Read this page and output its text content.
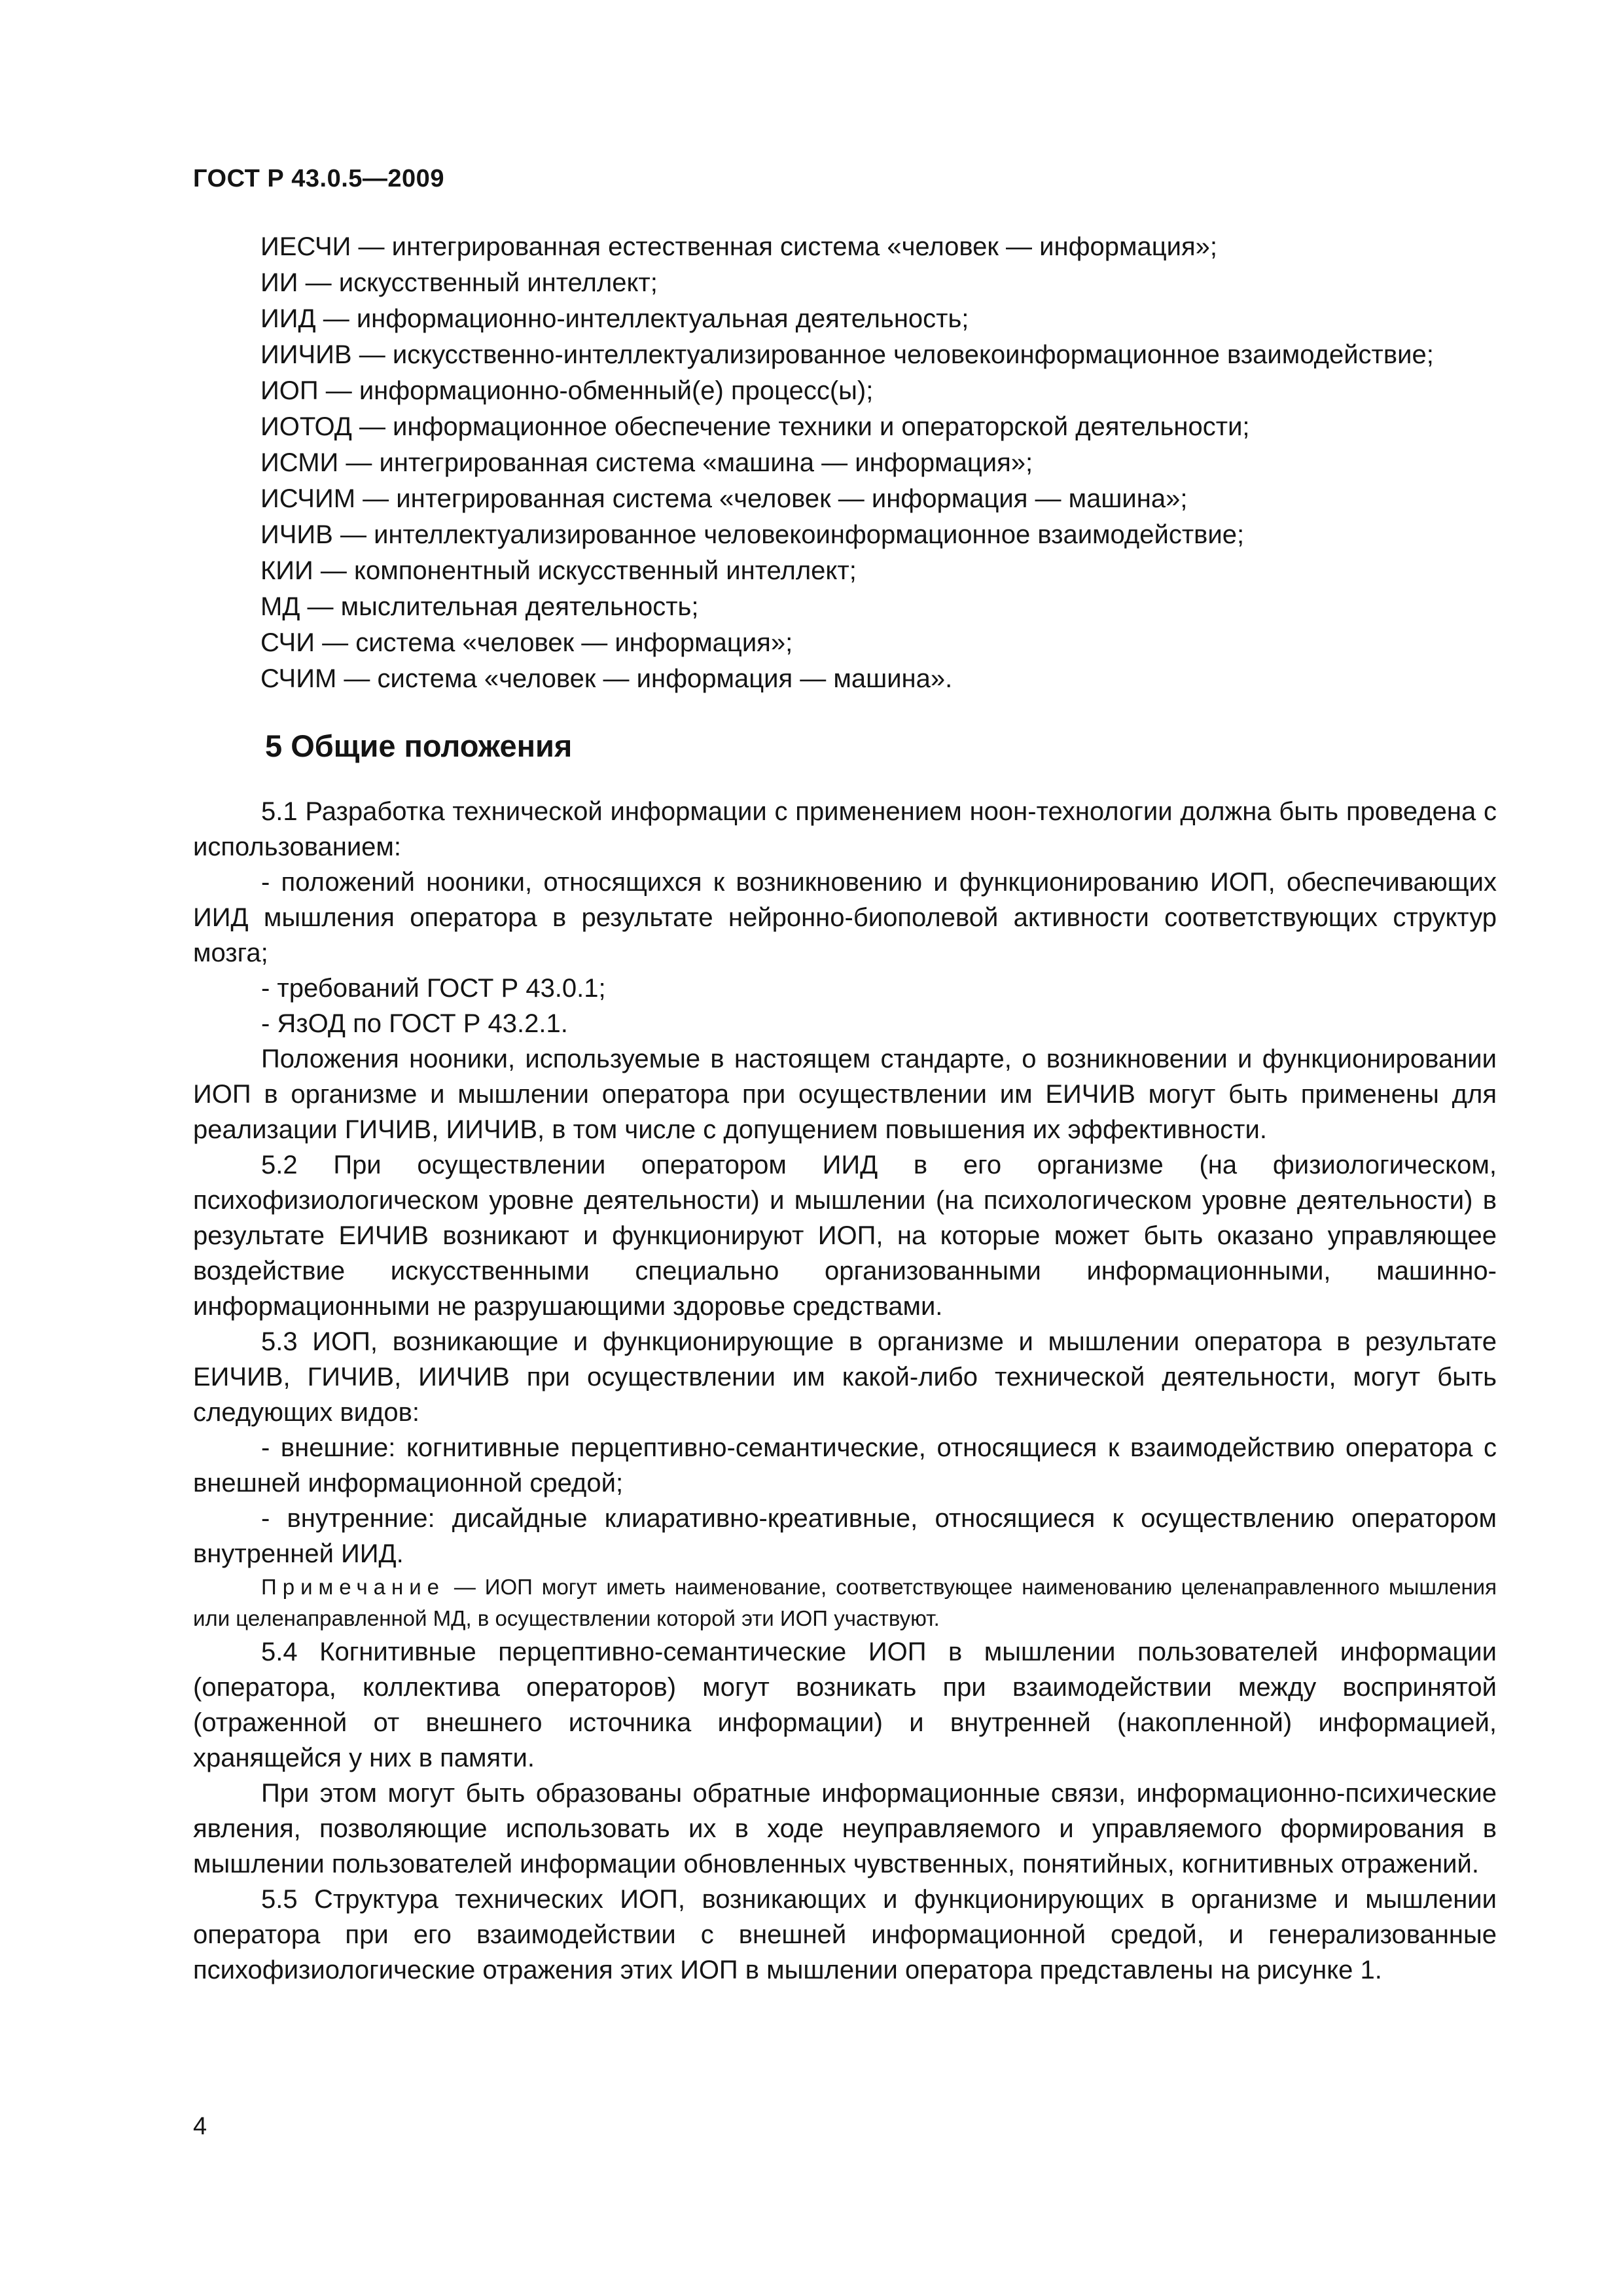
ГОСТ Р 43.0.5—2009
ИЕСЧИ — интегрированная естественная система «человек — информация»;
ИИ — искусственный интеллект;
ИИД — информационно-интеллектуальная деятельность;
ИИЧИВ — искусственно-интеллектуализированное человекоинформационное взаимодействие;
ИОП — информационно-обменный(е) процесс(ы);
ИОТОД — информационное обеспечение техники и операторской деятельности;
ИСМИ — интегрированная система «машина — информация»;
ИСЧИМ — интегрированная система «человек — информация — машина»;
ИЧИВ — интеллектуализированное человекоинформационное взаимодействие;
КИИ — компонентный искусственный интеллект;
МД — мыслительная деятельность;
СЧИ — система «человек — информация»;
СЧИМ — система «человек — информация — машина».
5 Общие положения

5.1 Разработка технической информации с применением ноон-технологии должна быть проведена с использованием:

- положений нооники, относящихся к возникновению и функционированию ИОП, обеспечивающих ИИД мышления оператора в результате нейронно-биополевой активности соответствующих структур мозга;

- требований ГОСТ Р 43.0.1;

- ЯзОД по ГОСТ Р 43.2.1.

Положения нооники, используемые в настоящем стандарте, о возникновении и функционировании ИОП в организме и мышлении оператора при осуществлении им ЕИЧИВ могут быть применены для реализации ГИЧИВ, ИИЧИВ, в том числе с допущением повышения их эффективности.

5.2 При осуществлении оператором ИИД в его организме (на физиологическом, психофизиологическом уровне деятельности) и мышлении (на психологическом уровне деятельности) в результате ЕИЧИВ возникают и функционируют ИОП, на которые может быть оказано управляющее воздействие искусственными специально организованными информационными, машинно-информационными не разрушающими здоровье средствами.

5.3 ИОП, возникающие и функционирующие в организме и мышлении оператора в результате ЕИЧИВ, ГИЧИВ, ИИЧИВ при осуществлении им какой-либо технической деятельности, могут быть следующих видов:

- внешние: когнитивные перцептивно-семантические, относящиеся к взаимодействию оператора с внешней информационной средой;

- внутренние: дисайдные клиаративно-креативные, относящиеся к осуществлению оператором внутренней ИИД.

Примечание — ИОП могут иметь наименование, соответствующее наименованию целенаправленного мышления или целенаправленной МД, в осуществлении которой эти ИОП участвуют.

5.4 Когнитивные перцептивно-семантические ИОП в мышлении пользователей информации (оператора, коллектива операторов) могут возникать при взаимодействии между воспринятой (отраженной от внешнего источника информации) и внутренней (накопленной) информацией, хранящейся у них в памяти.

При этом могут быть образованы обратные информационные связи, информационно-психические явления, позволяющие использовать их в ходе неуправляемого и управляемого формирования в мышлении пользователей информации обновленных чувственных, понятийных, когнитивных отражений.

5.5 Структура технических ИОП, возникающих и функционирующих в организме и мышлении оператора при его взаимодействии с внешней информационной средой, и генерализованные психофизиологические отражения этих ИОП в мышлении оператора представлены на рисунке 1.

4
